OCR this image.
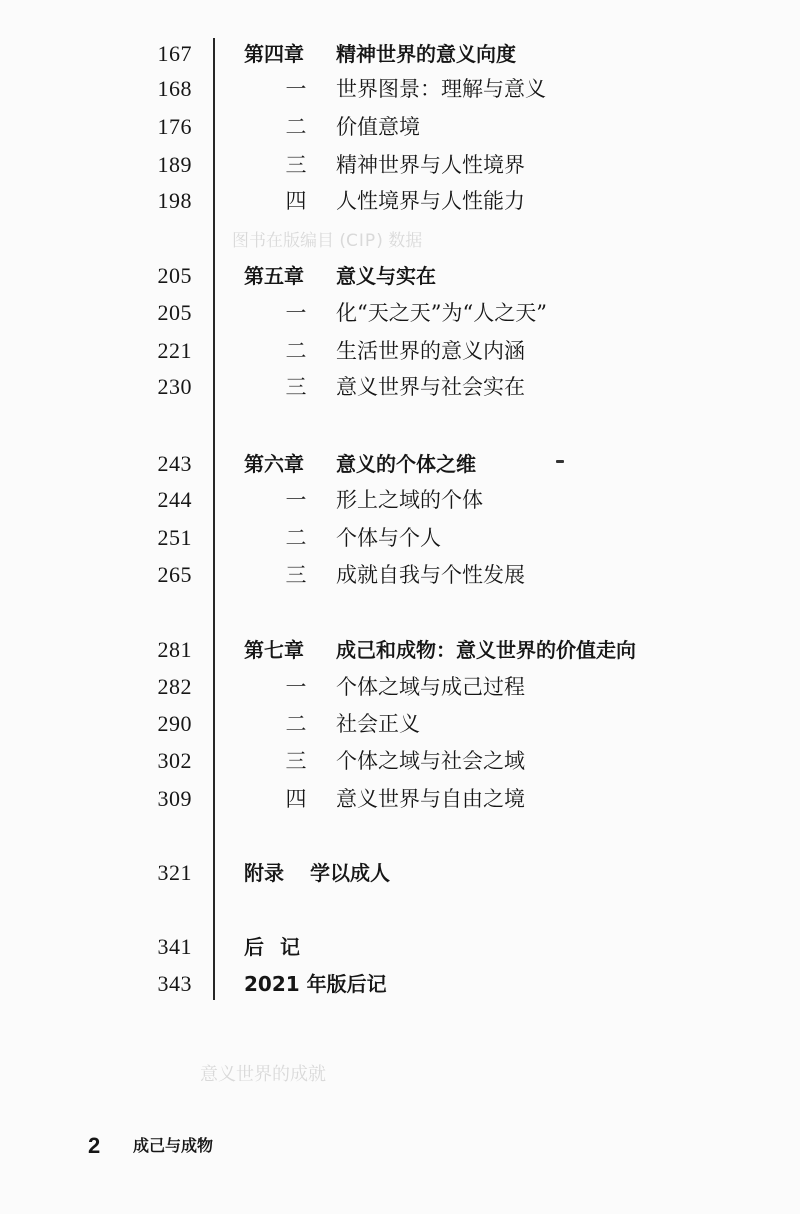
图书在版编目 (CIP) 数据
意义世界的成就
167	第四章 精神世界的意义向度
168	一	世界图景：理解与意义
176	二	价值意境
189	三	精神世界与人性境界
198	四	人性境界与人性能力
205	第五章 意义与实在
205	一	化“天之天”为“人之天”
221	二	生活世界的意义内涵
230	三	意义世界与社会实在
243	第六章 意义的个体之维
244	一	形上之域的个体
251	二	个体与个人
265	三	成就自我与个性发展
281	第七章 成己和成物：意义世界的价值走向
282	一	个体之域与成己过程
290	二	社会正义
302	三	个体之域与社会之域
309	四	意义世界与自由之境
321	附录 学以成人
341	后记
343	2021 年版后记
2 成己与成物
